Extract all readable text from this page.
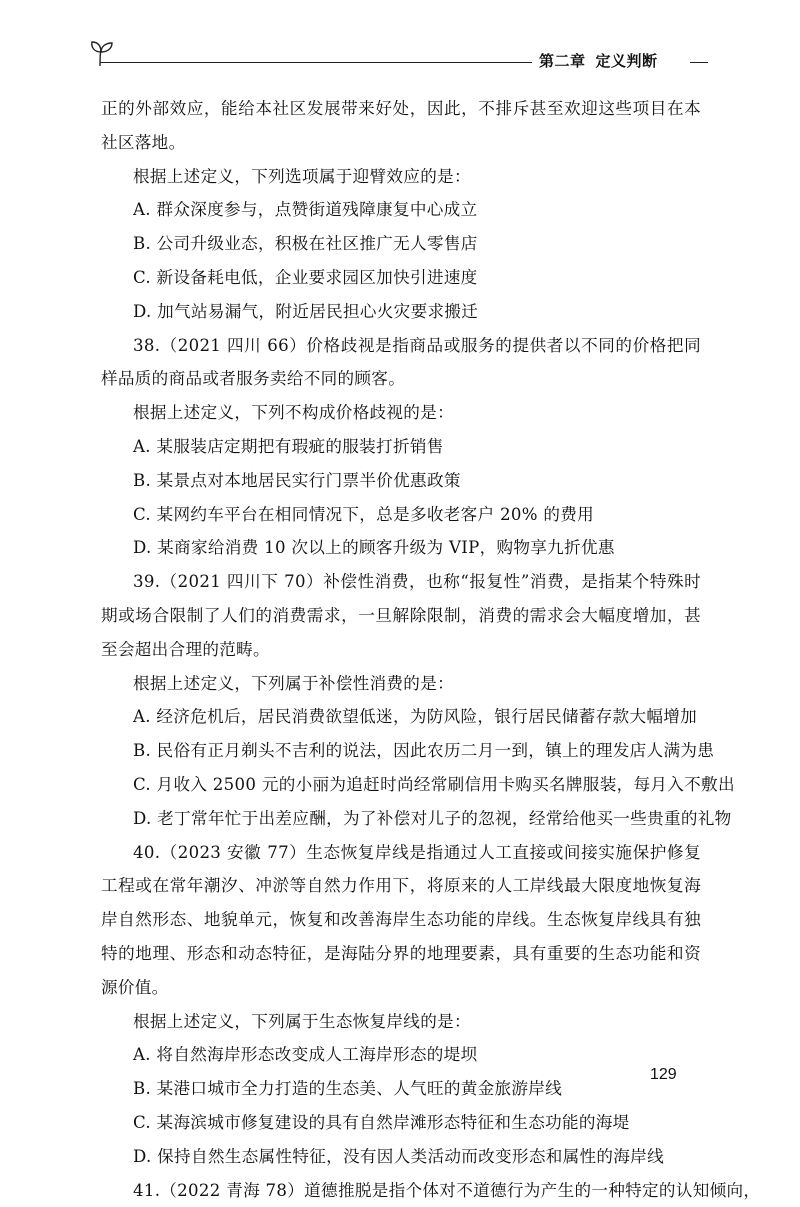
第二章 定义判断

正的外部效应，能给本社区发展带来好处，因此，不排斥甚至欢迎这些项目在本社区落地。

根据上述定义，下列选项属于迎臂效应的是：

A. 群众深度参与，点赞街道残障康复中心成立

B. 公司升级业态，积极在社区推广无人零售店

C. 新设备耗电低，企业要求园区加快引进速度

D. 加气站易漏气，附近居民担心火灾要求搬迁

38.（2021 四川 66）价格歧视是指商品或服务的提供者以不同的价格把同样品质的商品或者服务卖给不同的顾客。

根据上述定义，下列不构成价格歧视的是：

A. 某服装店定期把有瑕疵的服装打折销售

B. 某景点对本地居民实行门票半价优惠政策

C. 某网约车平台在相同情况下，总是多收老客户 20% 的费用

D. 某商家给消费 10 次以上的顾客升级为 VIP，购物享九折优惠

39.（2021 四川下 70）补偿性消费，也称“报复性”消费，是指某个特殊时期或场合限制了人们的消费需求，一旦解除限制，消费的需求会大幅度增加，甚至会超出合理的范畴。

根据上述定义，下列属于补偿性消费的是：

A. 经济危机后，居民消费欲望低迷，为防风险，银行居民储蓄存款大幅增加

B. 民俗有正月剃头不吉利的说法，因此农历二月一到，镇上的理发店人满为患

C. 月收入 2500 元的小丽为追赶时尚经常刷信用卡购买名牌服装，每月入不敷出

D. 老丁常年忙于出差应酬，为了补偿对儿子的忽视，经常给他买一些贵重的礼物

40.（2023 安徽 77）生态恢复岸线是指通过人工直接或间接实施保护修复工程或在常年潮汐、冲淤等自然力作用下，将原来的人工岸线最大限度地恢复海岸自然形态、地貌单元，恢复和改善海岸生态功能的岸线。生态恢复岸线具有独特的地理、形态和动态特征，是海陆分界的地理要素，具有重要的生态功能和资源价值。

根据上述定义，下列属于生态恢复岸线的是：

A. 将自然海岸形态改变成人工海岸形态的堤坝

B. 某港口城市全力打造的生态美、人气旺的黄金旅游岸线

C. 某海滨城市修复建设的具有自然岸滩形态特征和生态功能的海堤

D. 保持自然生态属性特征，没有因人类活动而改变形态和属性的海岸线

41.（2022 青海 78）道德推脱是指个体对不道德行为产生的一种特定的认知倾向，

129
